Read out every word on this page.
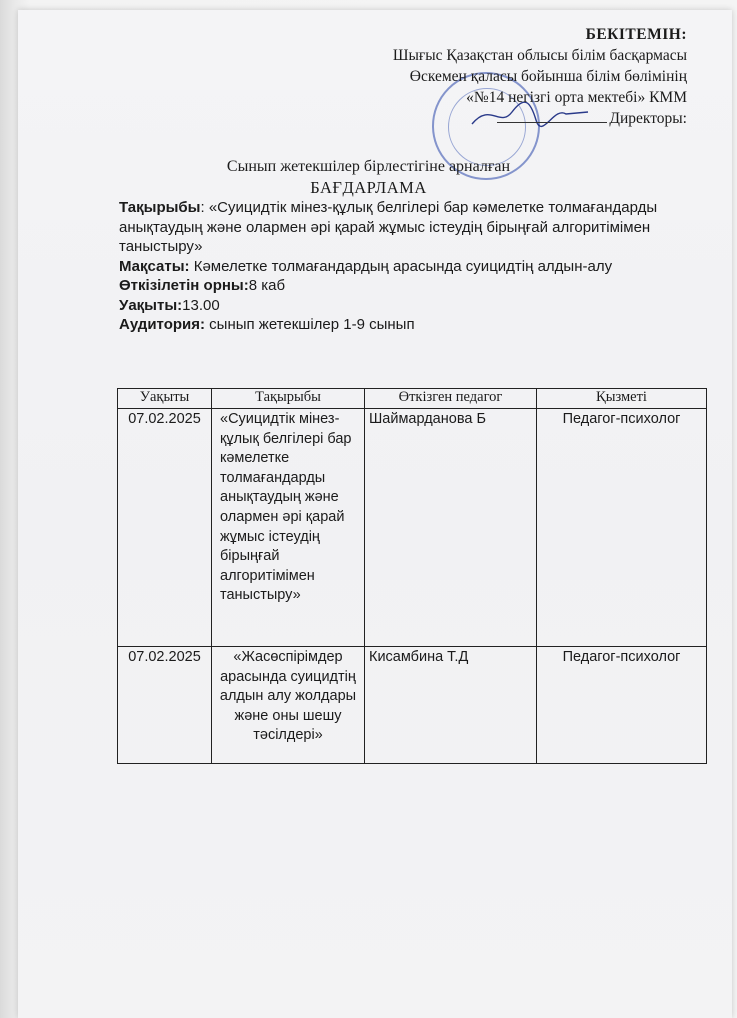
БЕКІТЕМІН:
Шығыс Қазақстан облысы білім басқармасы
Өскемен қаласы бойынша білім бөлімінің
«№14 негізгі орта мектебі» КММ
Директоры:
Сынып жетекшілер бірлестігіне арналған
БАҒДАРЛАМА

Тақырыбы: «Суицидтік мінез-құлық белгілері бар кәмелетке толмағандарды анықтаудың және олармен әрі қарай жұмыс істеудің бірыңғай алгоритімімен таныстыру»

Мақсаты: Кәмелетке толмағандардың арасында суицидтің алдын-алу

Өткізілетін орны:8 каб

Уақыты:13.00

Аудитория: сынып жетекшілер 1-9 сынып

Уақыты	Тақырыбы	Өткізген педагог	Қызметі
07.02.2025	«Суицидтік мінез-құлық белгілері бар кәмелетке толмағандарды анықтаудың және олармен әрі қарай жұмыс істеудің бірыңғай алгоритімімен таныстыру»	Шаймарданова Б	Педагог-психолог
07.02.2025	«Жасөспірімдер арасында суицидтің алдын алу жолдары және оны шешу тәсілдері»	Кисамбина Т.Д	Педагог-психолог
